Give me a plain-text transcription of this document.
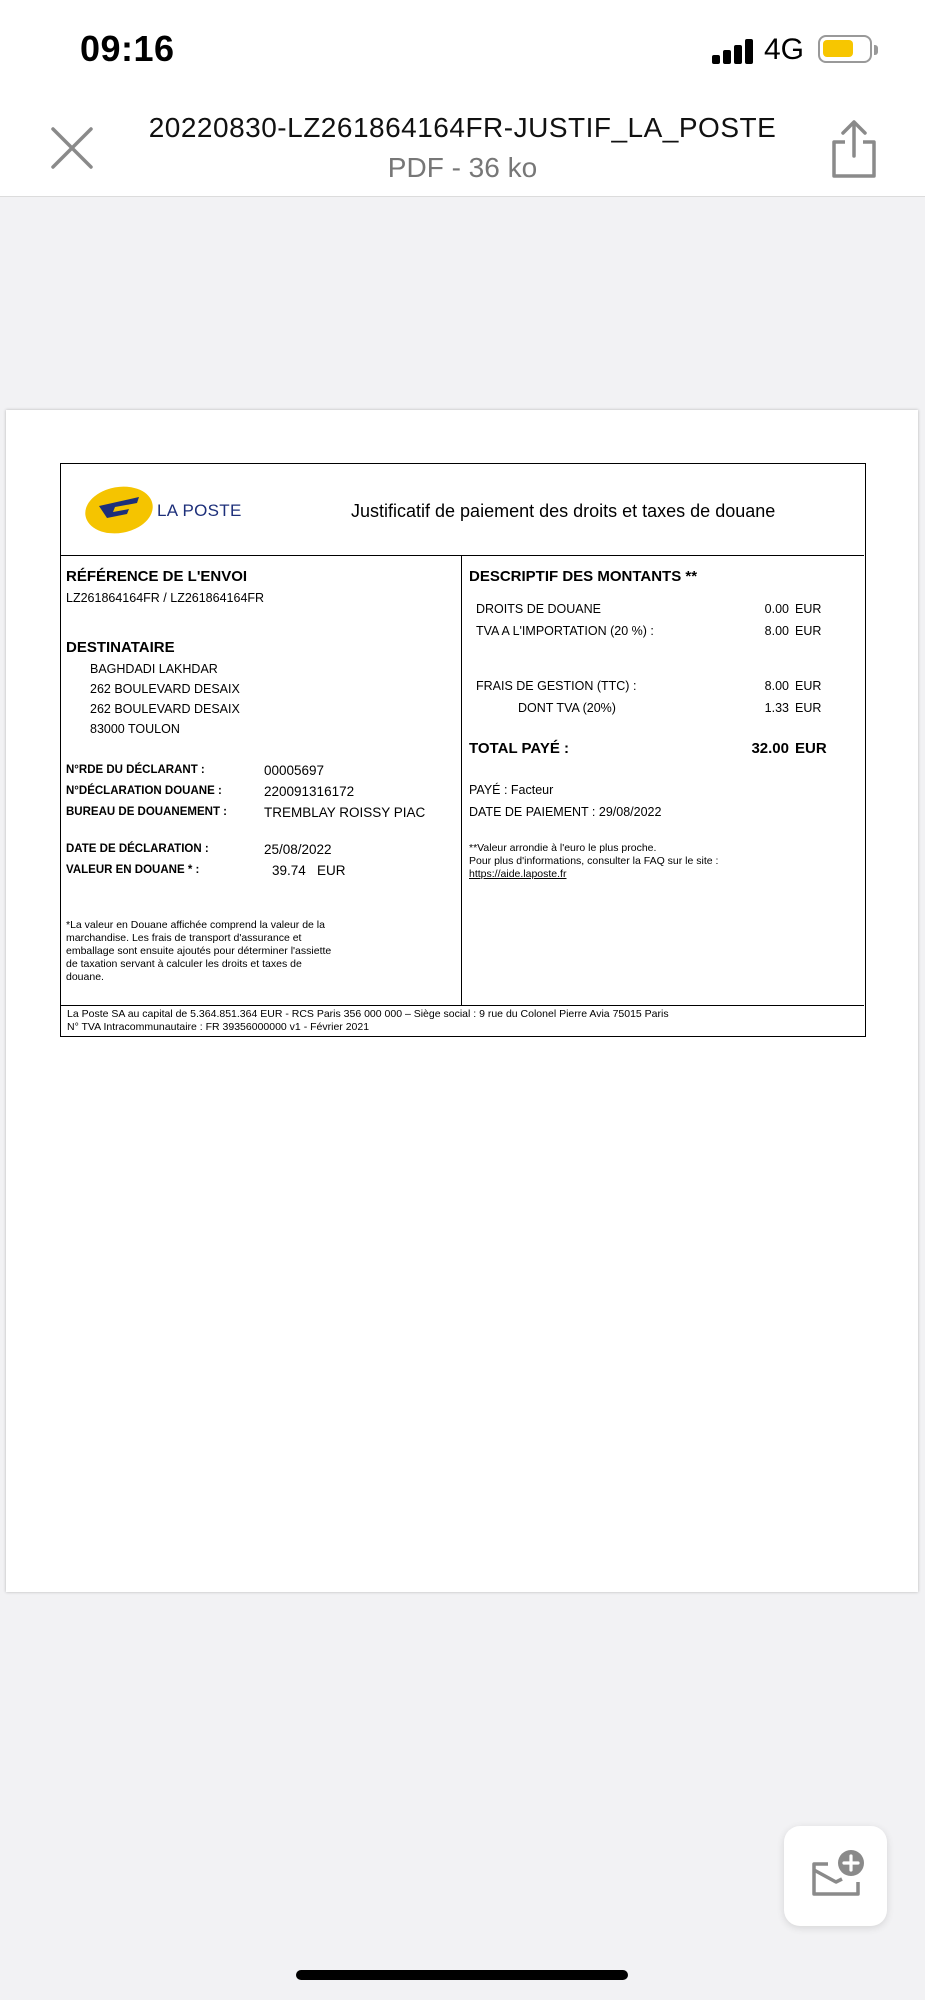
09:16	4G
20220830-LZ261864164FR-JUSTIF_LA_POSTE
PDF - 36 ko
LA POSTE	Justificatif de paiement des droits et taxes de douane
RÉFÉRENCE DE L'ENVOI
LZ261864164FR / LZ261864164FR
DESTINATAIRE
BAGHDADI LAKHDAR
262 BOULEVARD DESAIX
262 BOULEVARD DESAIX
83000 TOULON
N°RDE DU DÉCLARANT :	00005697
N°DÉCLARATION DOUANE :	220091316172
BUREAU DE DOUANEMENT :	TREMBLAY ROISSY PIAC
DATE DE DÉCLARATION :	25/08/2022
VALEUR EN DOUANE * :	39.74 EUR
*La valeur en Douane affichée comprend la valeur de la
marchandise. Les frais de transport d'assurance et
emballage sont ensuite ajoutés pour déterminer l'assiette
de taxation servant à calculer les droits et taxes de
douane.
DESCRIPTIF DES MONTANTS **
DROITS DE DOUANE	0.00 EUR
TVA A L'IMPORTATION (20 %) :	8.00 EUR
FRAIS DE GESTION (TTC) :	8.00 EUR
DONT TVA (20%)	1.33 EUR
TOTAL PAYÉ :	32.00 EUR
PAYÉ : Facteur
DATE DE PAIEMENT : 29/08/2022
**Valeur arrondie à l'euro le plus proche.
Pour plus d'informations, consulter la FAQ sur le site :
https://aide.laposte.fr
La Poste SA au capital de 5.364.851.364 EUR - RCS Paris 356 000 000 – Siège social : 9 rue du Colonel Pierre Avia 75015 Paris
N° TVA Intracommunautaire : FR 39356000000 v1 - Février 2021
